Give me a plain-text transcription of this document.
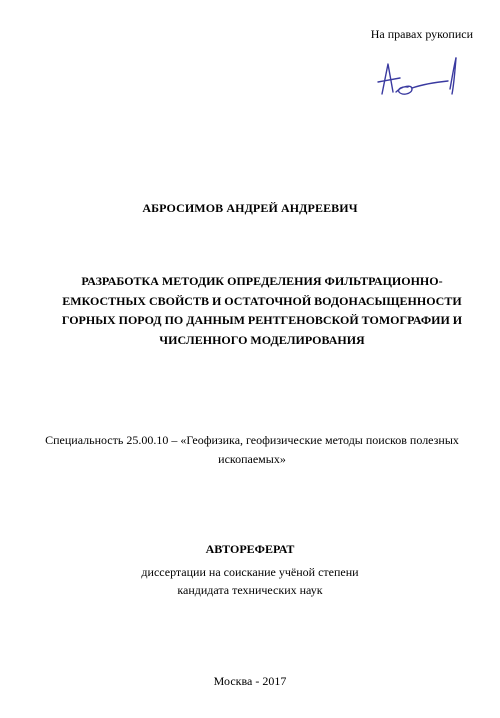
На правах рукописи
АБРОСИМОВ АНДРЕЙ АНДРЕЕВИЧ
РАЗРАБОТКА МЕТОДИК ОПРЕДЕЛЕНИЯ ФИЛЬТРАЦИОННО-
ЕМКОСТНЫХ СВОЙСТВ И ОСТАТОЧНОЙ ВОДОНАСЫЩЕННОСТИ
ГОРНЫХ ПОРОД ПО ДАННЫМ РЕНТГЕНОВСКОЙ ТОМОГРАФИИ И
ЧИСЛЕННОГО МОДЕЛИРОВАНИЯ
Специальность 25.00.10 – «Геофизика, геофизические методы поисков полезных
ископаемых»
АВТОРЕФЕРАТ
диссертации на соискание учёной степени
кандидата технических наук
Москва - 2017
